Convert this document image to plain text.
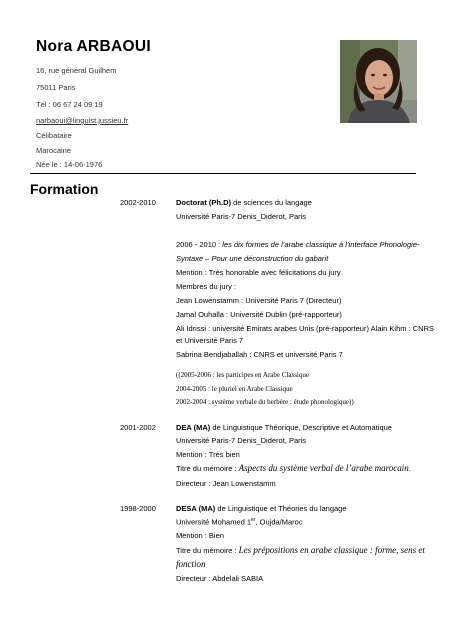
Nora ARBAOUI
16, rue général Guilhem
75011 Paris
Tél : 06 67 24 09 19
narbaoui@linguist.jussieu.fr
Célibataire
Marocaine
Née le : 14-06-1976
Formation
2002-2010	Doctorat (Ph.D) de sciences du langage
Université Paris-7 Denis_Diderot, Paris
2006 - 2010 : les dix formes de l’arabe classique à l’interface Phonologie-
Syntaxe – Pour une déconstruction du gabarit
Mention : Très honorable avec félicitations du jury
Membres du jury :
Jean Lowenstamm : Université Paris 7 (Directeur)
Jamal Ouhalla : Université Dublin (pré-rapporteur)
Ali Idrissi : université Emirats arabes Unis (pré-rapporteur) Alain Kihm : CNRS
et Université Paris 7
Sabrina Bendjaballah : CNRS et université Paris 7
((2005-2006 : les participes en Arabe Classique
2004-2005 : le pluriel en Arabe Classique
2002-2004 : système verbale du berbère : étude phonologique))
2001-2002	DEA (MA) de Linguistique Théorique, Descriptive et Automatique
Université Paris-7 Denis_Diderot, Paris
Mention : Très bien
Titre du mémoire : Aspects du système verbal de l’arabe marocain.
Directeur : Jean Lowenstamm
1998-2000	DESA (MA) de Linguistique et Théories du langage
Université Mohamed 1er, Oujda/Maroc
Mention : Bien
Titre du mémoire : Les prépositions en arabe classique : forme, sens et
fonction
Directeur : Abdelali SABIA
